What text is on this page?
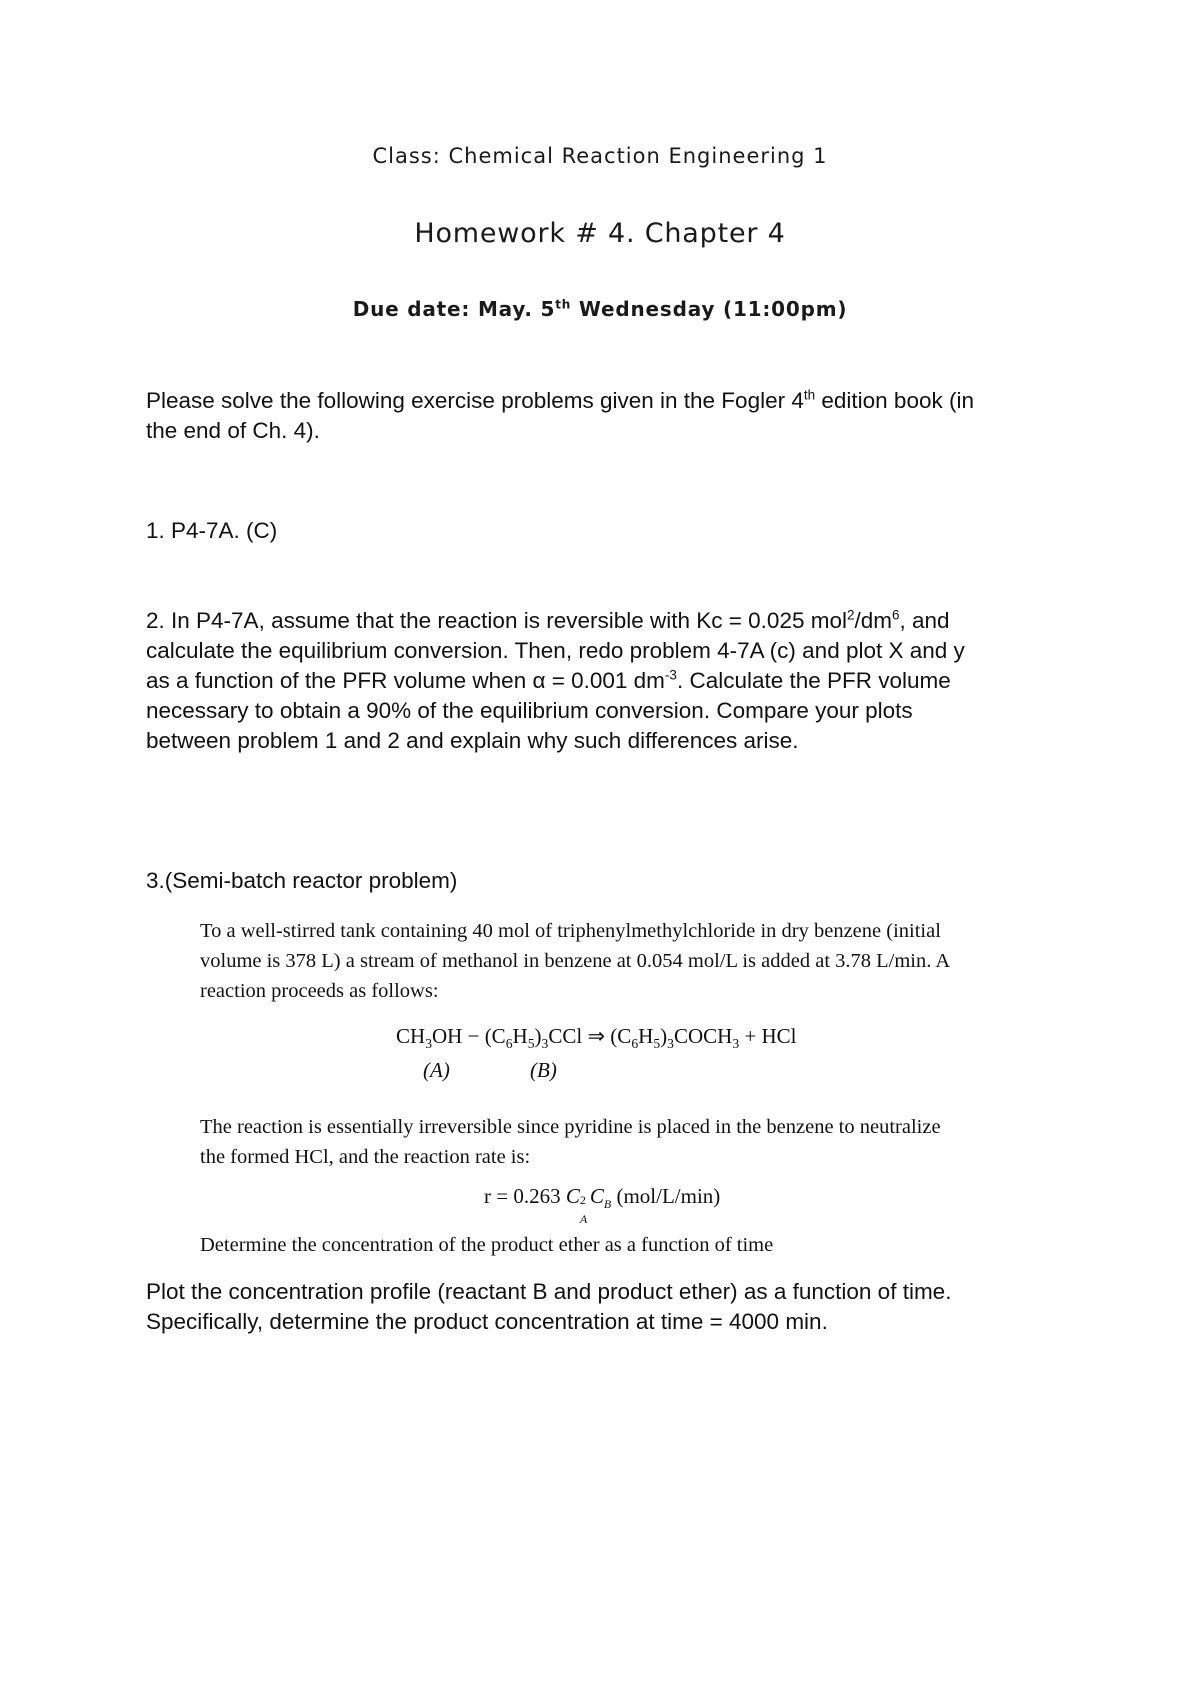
Class: Chemical Reaction Engineering 1
Homework # 4. Chapter 4
Due date: May. 5th Wednesday (11:00pm)
Please solve the following exercise problems given in the Fogler 4th edition book (in
the end of Ch. 4).
1. P4-7A. (C)
2. In P4-7A, assume that the reaction is reversible with Kc = 0.025 $mol^2/dm^6$, and
calculate the equilibrium conversion. Then, redo problem 4-7A (c) and plot X and y
as a function of the PFR volume when α = 0.001 $dm^{-3}$. Calculate the PFR volume
necessary to obtain a 90% of the equilibrium conversion. Compare your plots
between problem 1 and 2 and explain why such differences arise.
3.(Semi-batch reactor problem)
To a well-stirred tank containing 40 mol of triphenylmethylchloride in dry benzene (initial
volume is 378 L) a stream of methanol in benzene at 0.054 mol/L is added at 3.78 L/min. A
reaction proceeds as follows:
$CH_3OH - (C_6H_5)_3CCl$ ⇒ $(C_6H_5)_3COCH_3$ + HCl
(A)	(B)
The reaction is essentially irreversible since pyridine is placed in the benzene to neutralize
the formed HCl, and the reaction rate is:
r = 0.263 C 2
A
$C_B$ (mol/L/min)
Determine the concentration of the product ether as a function of time
Plot the concentration profile (reactant B and product ether) as a function of time.
Specifically, determine the product concentration at time = 4000 min.
